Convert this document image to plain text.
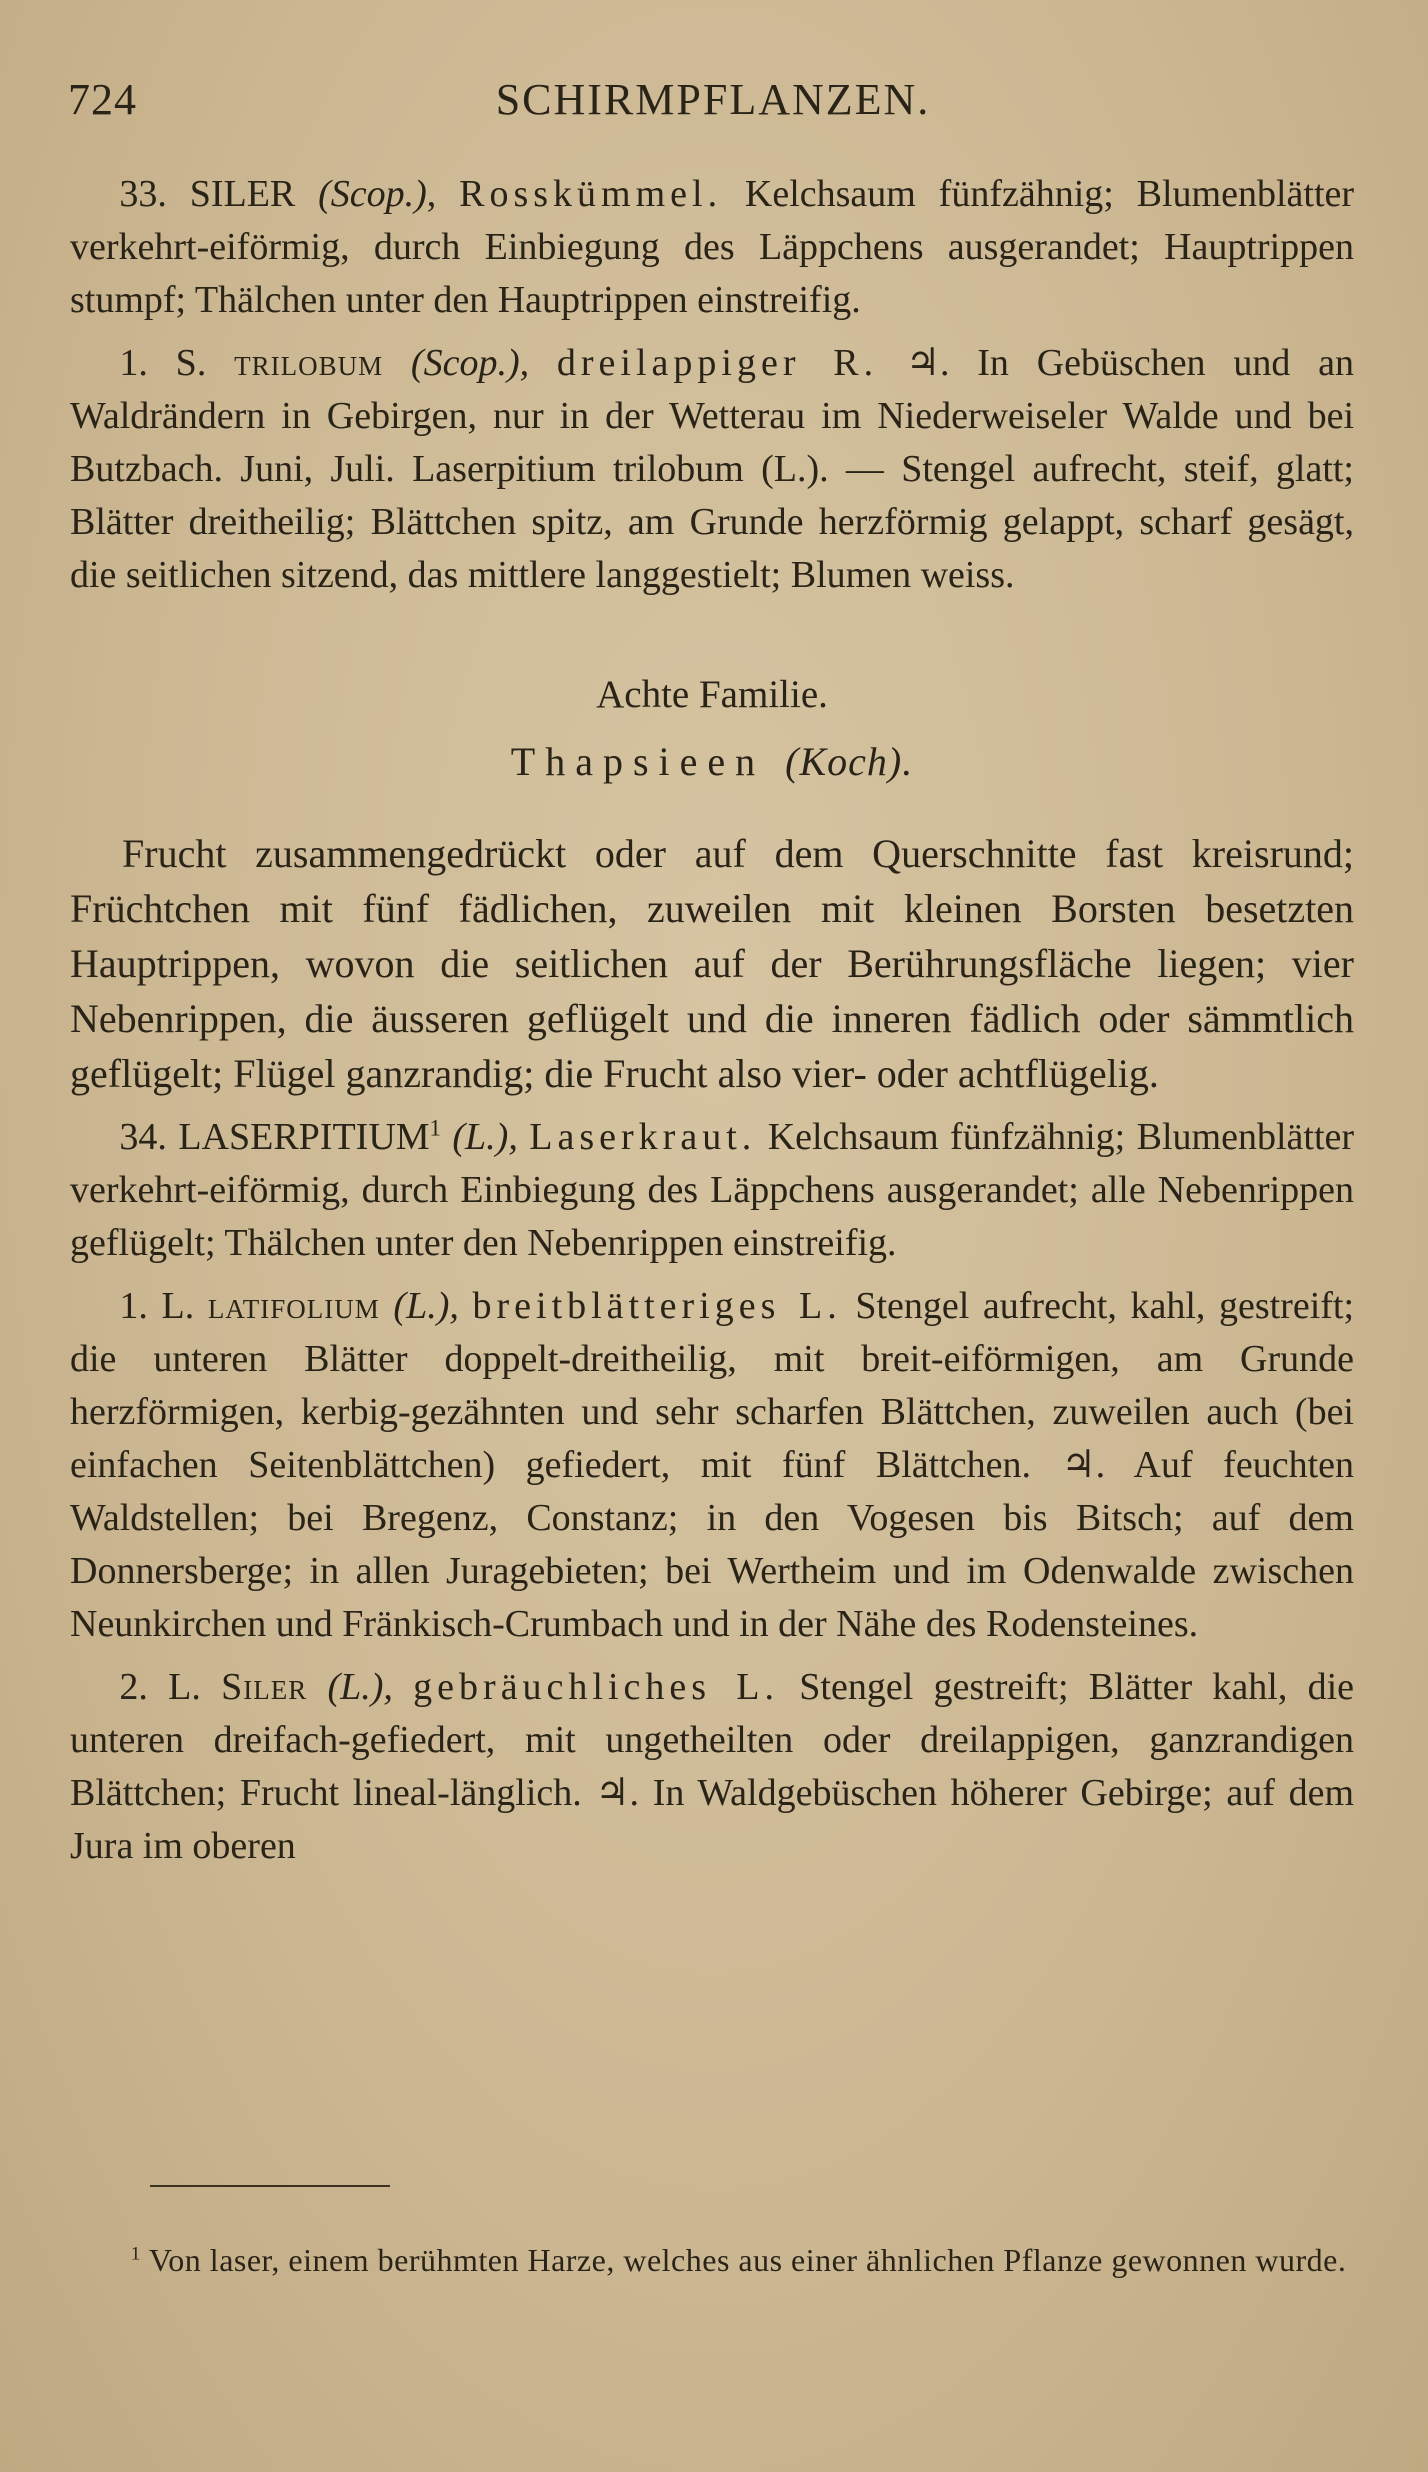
724	SCHIRMPFLANZEN.

33. SILER (Scop.), Rosskümmel. Kelchsaum fünfzähnig; Blumenblätter verkehrt-eiförmig, durch Einbiegung des Läppchens ausgerandet; Hauptrippen stumpf; Thälchen unter den Hauptrippen einstreifig.

1. S. trilobum (Scop.), dreilappiger R. ♃. In Gebüschen und an Waldrändern in Gebirgen, nur in der Wetterau im Niederweiseler Walde und bei Butzbach. Juni, Juli. Laserpitium trilobum (L.). — Stengel aufrecht, steif, glatt; Blätter dreitheilig; Blättchen spitz, am Grunde herzförmig gelappt, scharf gesägt, die seitlichen sitzend, das mittlere langgestielt; Blumen weiss.

Achte Familie.

Thapsieen (Koch).

Frucht zusammengedrückt oder auf dem Querschnitte fast kreisrund; Früchtchen mit fünf fädlichen, zuweilen mit kleinen Borsten besetzten Hauptrippen, wovon die seitlichen auf der Berührungsfläche liegen; vier Nebenrippen, die äusseren geflügelt und die inneren fädlich oder sämmtlich geflügelt; Flügel ganzrandig; die Frucht also vier- oder achtflügelig.

34. LASERPITIUM$^1$ (L.), Laserkraut. Kelchsaum fünfzähnig; Blumenblätter verkehrt-eiförmig, durch Einbiegung des Läppchens ausgerandet; alle Nebenrippen geflügelt; Thälchen unter den Nebenrippen einstreifig.

1. L. latifolium (L.), breitblätteriges L. Stengel aufrecht, kahl, gestreift; die unteren Blätter doppelt-dreitheilig, mit breit-eiförmigen, am Grunde herzförmigen, kerbig-gezähnten und sehr scharfen Blättchen, zuweilen auch (bei einfachen Seitenblättchen) gefiedert, mit fünf Blättchen. ♃. Auf feuchten Waldstellen; bei Bregenz, Constanz; in den Vogesen bis Bitsch; auf dem Donnersberge; in allen Juragebieten; bei Wertheim und im Odenwalde zwischen Neunkirchen und Fränkisch-Crumbach und in der Nähe des Rodensteines.

2. L. Siler (L.), gebräuchliches L. Stengel gestreift; Blätter kahl, die unteren dreifach-gefiedert, mit ungetheilten oder dreilappigen, ganzrandigen Blättchen; Frucht lineal-länglich. ♃. In Waldgebüschen höherer Gebirge; auf dem Jura im oberen

$^1$ Von laser, einem berühmten Harze, welches aus einer ähnlichen Pflanze gewonnen wurde.
